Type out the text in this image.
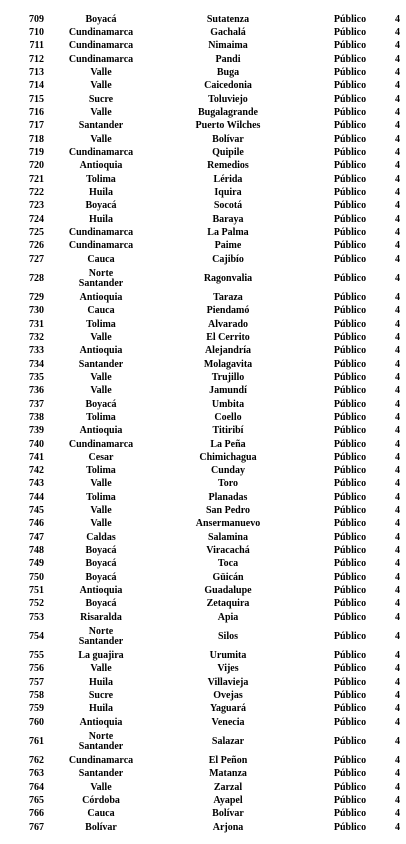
709	Boyacá	Sutatenza	Público	4
710	Cundinamarca	Gachalá	Público	4
711	Cundinamarca	Nimaima	Público	4
712	Cundinamarca	Pandi	Público	4
713	Valle	Buga	Público	4
714	Valle	Caicedonia	Público	4
715	Sucre	Toluviejo	Público	4
716	Valle	Bugalagrande	Público	4
717	Santander	Puerto Wilches	Público	4
718	Valle	Bolívar	Público	4
719	Cundinamarca	Quipile	Público	4
720	Antioquia	Remedios	Público	4
721	Tolima	Lérida	Público	4
722	Huila	Iquira	Público	4
723	Boyacá	Socotá	Público	4
724	Huila	Baraya	Público	4
725	Cundinamarca	La Palma	Público	4
726	Cundinamarca	Paime	Público	4
727	Cauca	Cajibío	Público	4
728	Norte
Santander	Ragonvalia	Público	4
729	Antioquia	Taraza	Público	4
730	Cauca	Piendamó	Público	4
731	Tolima	Alvarado	Público	4
732	Valle	El Cerrito	Público	4
733	Antioquia	Alejandría	Público	4
734	Santander	Molagavita	Público	4
735	Valle	Trujillo	Público	4
736	Valle	Jamundí	Público	4
737	Boyacá	Umbita	Público	4
738	Tolima	Coello	Público	4
739	Antioquia	Titiribí	Público	4
740	Cundinamarca	La Peña	Público	4
741	Cesar	Chimichagua	Público	4
742	Tolima	Cunday	Público	4
743	Valle	Toro	Público	4
744	Tolima	Planadas	Público	4
745	Valle	San Pedro	Público	4
746	Valle	Ansermanuevo	Público	4
747	Caldas	Salamina	Público	4
748	Boyacá	Viracachá	Público	4
749	Boyacá	Toca	Público	4
750	Boyacá	Güicán	Público	4
751	Antioquia	Guadalupe	Público	4
752	Boyacá	Zetaquira	Público	4
753	Risaralda	Apia	Público	4
754	Norte
Santander	Silos	Público	4
755	La guajira	Urumita	Público	4
756	Valle	Vijes	Público	4
757	Huila	Villavieja	Público	4
758	Sucre	Ovejas	Público	4
759	Huila	Yaguará	Público	4
760	Antioquia	Venecia	Público	4
761	Norte
Santander	Salazar	Público	4
762	Cundinamarca	El Peñon	Público	4
763	Santander	Matanza	Público	4
764	Valle	Zarzal	Público	4
765	Córdoba	Ayapel	Público	4
766	Cauca	Bolívar	Público	4
767	Bolívar	Arjona	Público	4
